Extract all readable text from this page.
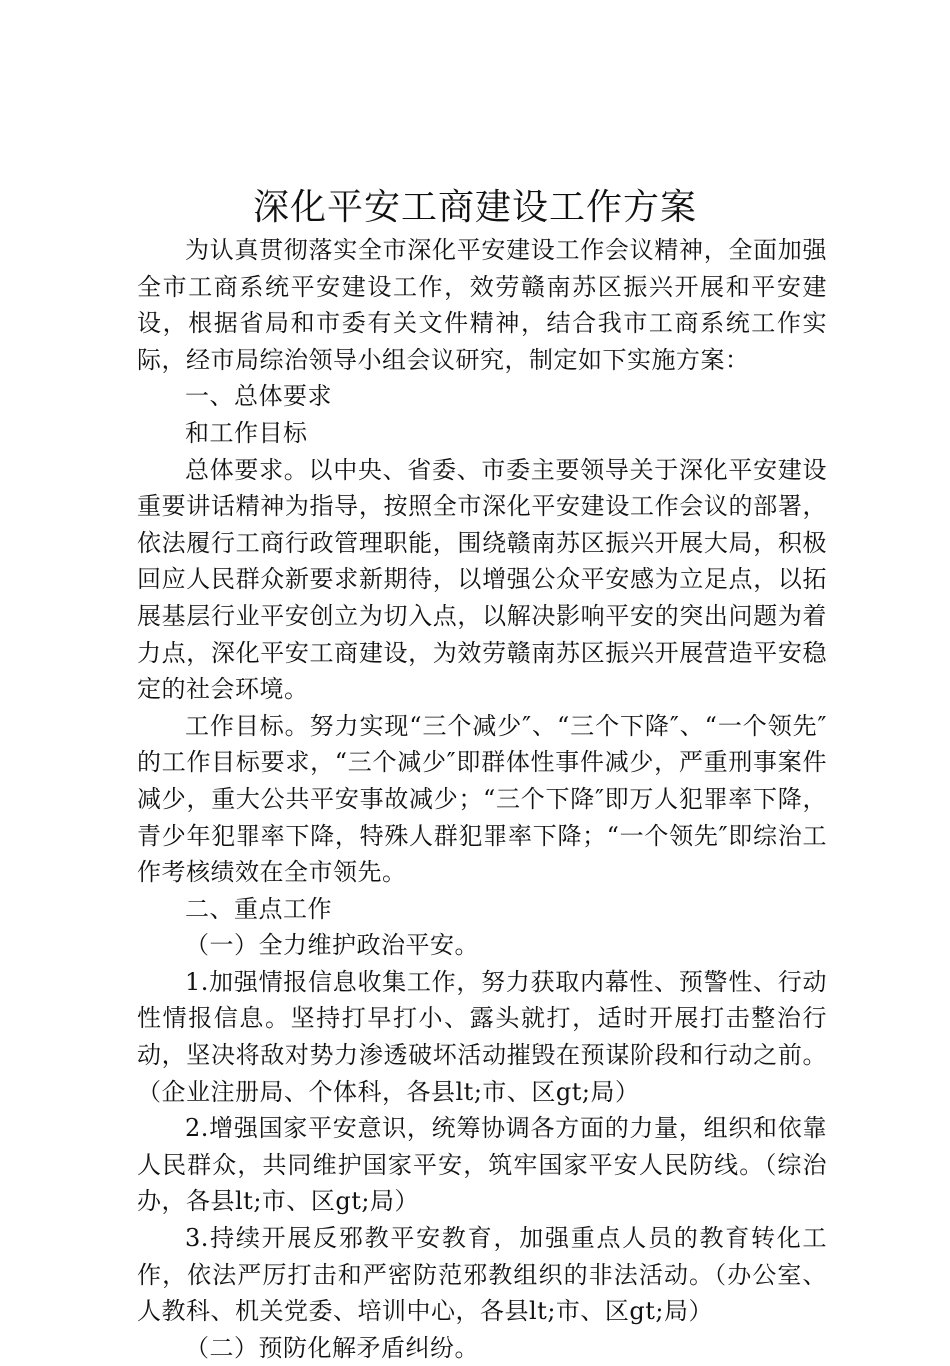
深化平安工商建设工作方案

为认真贯彻落实全市深化平安建设工作会议精神，全面加强全市工商系统平安建设工作，效劳赣南苏区振兴开展和平安建设，根据省局和市委有关文件精神，结合我市工商系统工作实际，经市局综治领导小组会议研究，制定如下实施方案：

一、总体要求

和工作目标

总体要求。以中央、省委、市委主要领导关于深化平安建设重要讲话精神为指导，按照全市深化平安建设工作会议的部署，依法履行工商行政管理职能，围绕赣南苏区振兴开展大局，积极回应人民群众新要求新期待，以增强公众平安感为立足点，以拓展基层行业平安创立为切入点，以解决影响平安的突出问题为着力点，深化平安工商建设，为效劳赣南苏区振兴开展营造平安稳定的社会环境。

工作目标。努力实现“三个减少″、“三个下降″、“一个领先″的工作目标要求，“三个减少″即群体性事件减少，严重刑事案件减少，重大公共平安事故减少；“三个下降″即万人犯罪率下降，青少年犯罪率下降，特殊人群犯罪率下降；“一个领先″即综治工作考核绩效在全市领先。

二、重点工作

（一）全力维护政治平安。

1.加强情报信息收集工作，努力获取内幕性、预警性、行动性情报信息。坚持打早打小、露头就打，适时开展打击整治行动，坚决将敌对势力渗透破坏活动摧毁在预谋阶段和行动之前。（企业注册局、个体科，各县lt;市、区gt;局）

2.增强国家平安意识，统筹协调各方面的力量，组织和依靠人民群众，共同维护国家平安，筑牢国家平安人民防线。（综治办，各县lt;市、区gt;局）

3.持续开展反邪教平安教育，加强重点人员的教育转化工作，依法严厉打击和严密防范邪教组织的非法活动。（办公室、人教科、机关党委、培训中心，各县lt;市、区gt;局）

（二）预防化解矛盾纠纷。
